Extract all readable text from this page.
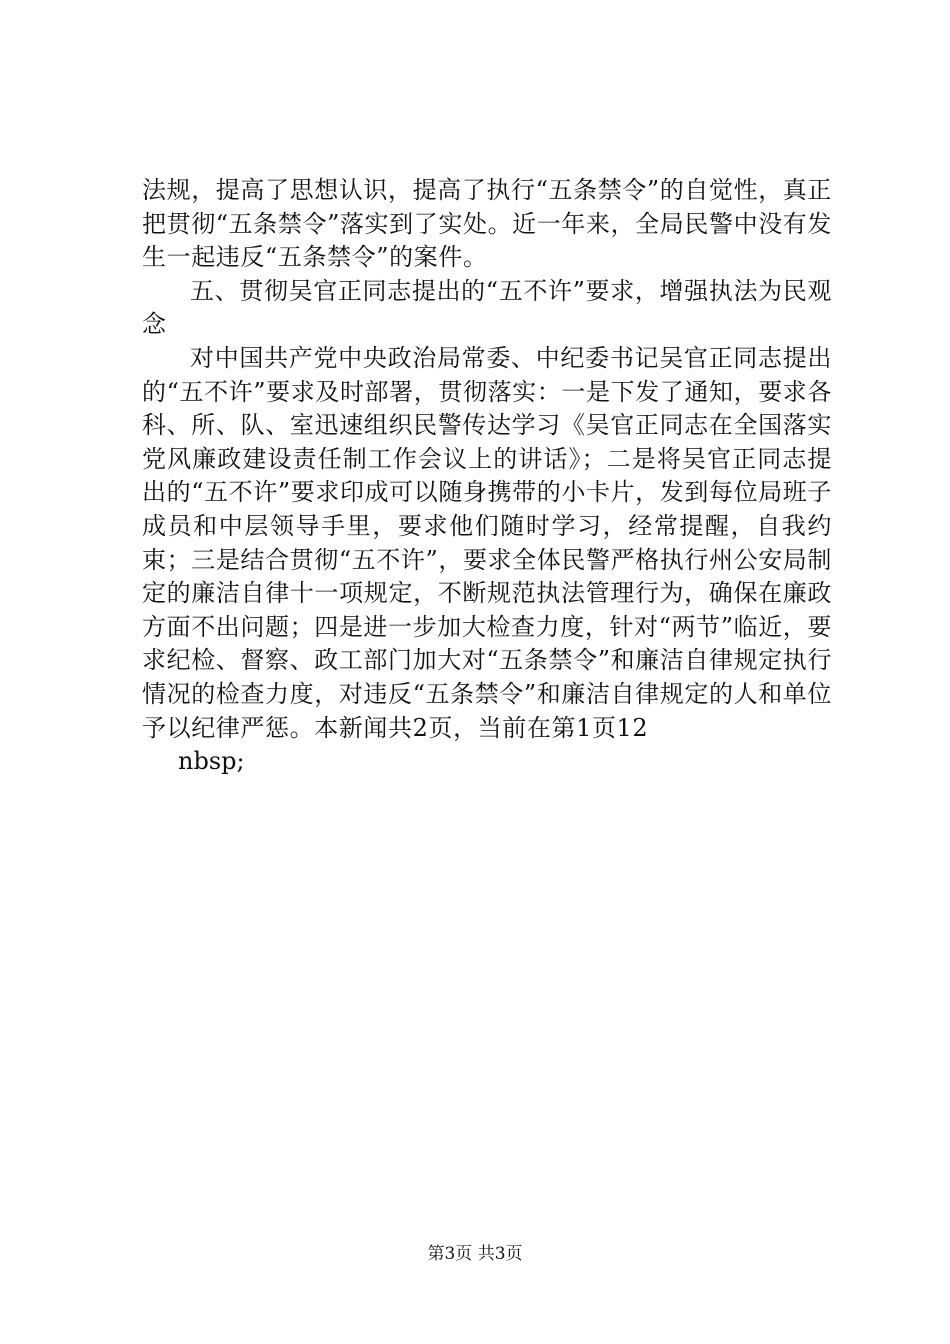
法规，提高了思想认识，提高了执行“五条禁令”的自觉性，真正把贯彻“五条禁令”落实到了实处。近一年来，全局民警中没有发生一起违反“五条禁令”的案件。

五、贯彻吴官正同志提出的“五不许”要求，增强执法为民观念

对中国共产党中央政治局常委、中纪委书记吴官正同志提出的“五不许”要求及时部署，贯彻落实：一是下发了通知，要求各科、所、队、室迅速组织民警传达学习《吴官正同志在全国落实党风廉政建设责任制工作会议上的讲话》；二是将吴官正同志提出的“五不许”要求印成可以随身携带的小卡片，发到每位局班子成员和中层领导手里，要求他们随时学习，经常提醒，自我约束；三是结合贯彻“五不许”，要求全体民警严格执行州公安局制定的廉洁自律十一项规定，不断规范执法管理行为，确保在廉政方面不出问题；四是进一步加大检查力度，针对“两节”临近，要求纪检、督察、政工部门加大对“五条禁令”和廉洁自律规定执行情况的检查力度，对违反“五条禁令”和廉洁自律规定的人和单位予以纪律严惩。本新闻共2页，当前在第1页12

nbsp;

第3页 共3页
